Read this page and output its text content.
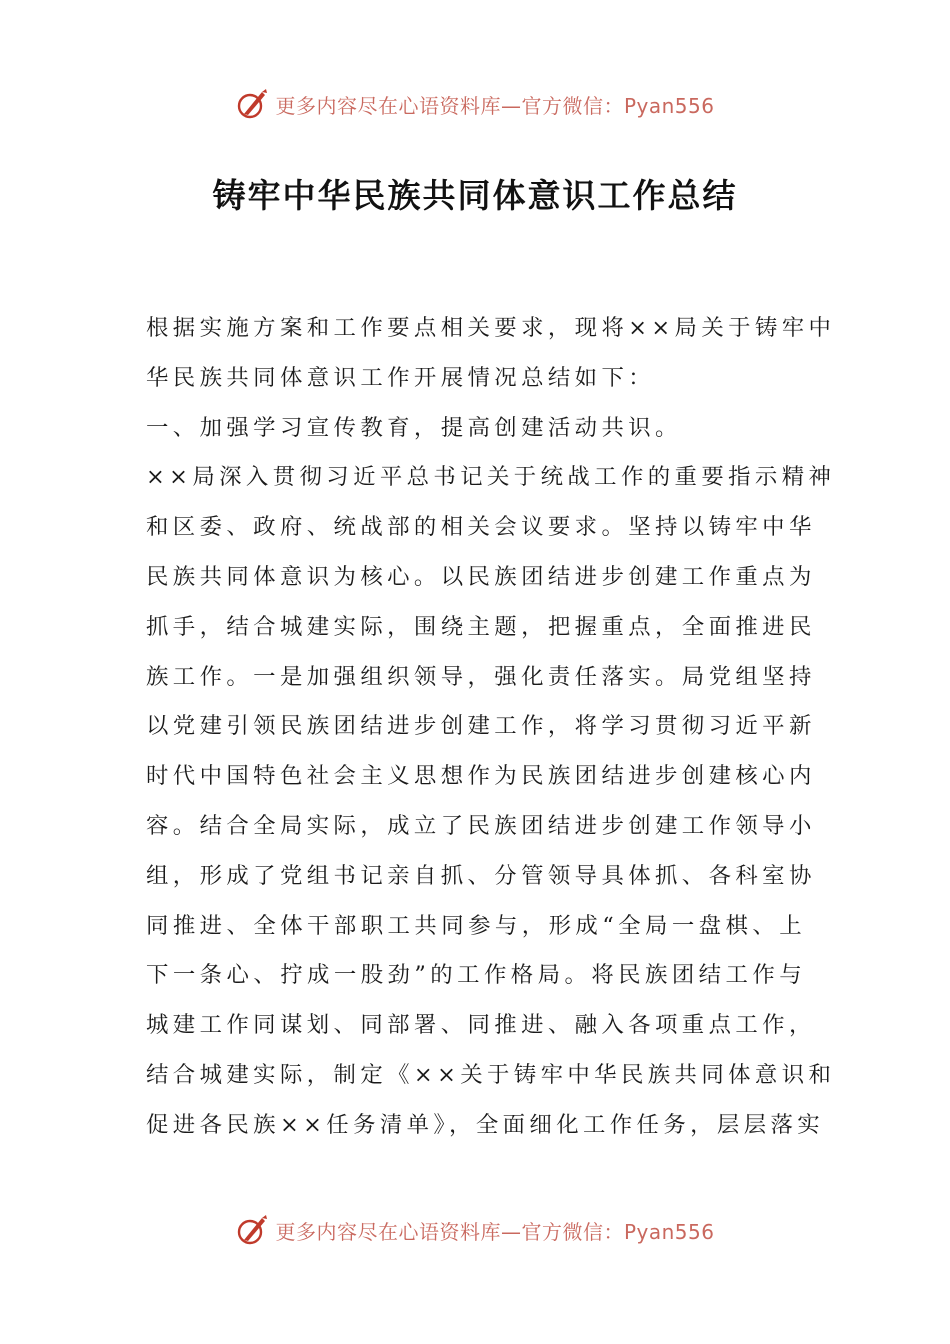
更多内容尽在心语资料库—官方微信：Pyan556
铸牢中华民族共同体意识工作总结

根据实施方案和工作要点相关要求，现将××局关于铸牢中

华民族共同体意识工作开展情况总结如下：

一、加强学习宣传教育，提高创建活动共识。

××局深入贯彻习近平总书记关于统战工作的重要指示精神

和区委、政府、统战部的相关会议要求。坚持以铸牢中华

民族共同体意识为核心。以民族团结进步创建工作重点为

抓手，结合城建实际，围绕主题，把握重点，全面推进民

族工作。一是加强组织领导，强化责任落实。局党组坚持

以党建引领民族团结进步创建工作，将学习贯彻习近平新

时代中国特色社会主义思想作为民族团结进步创建核心内

容。结合全局实际，成立了民族团结进步创建工作领导小

组，形成了党组书记亲自抓、分管领导具体抓、各科室协

同推进、全体干部职工共同参与，形成“全局一盘棋、上

下一条心、拧成一股劲”的工作格局。将民族团结工作与

城建工作同谋划、同部署、同推进、融入各项重点工作，

结合城建实际，制定《××关于铸牢中华民族共同体意识和

促进各民族××任务清单》，全面细化工作任务，层层落实

更多内容尽在心语资料库—官方微信：Pyan556
